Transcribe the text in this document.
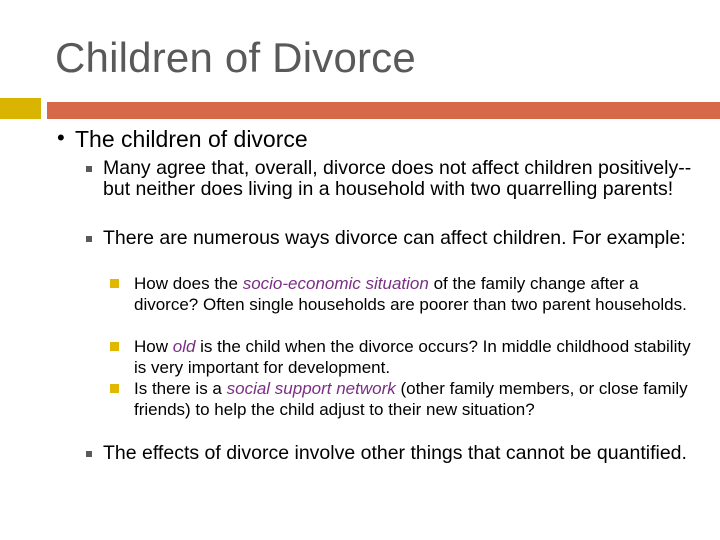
Children of Divorce
• The children of divorce
Many agree that, overall, divorce does not affect children positively-- but neither does living in a household with two quarrelling parents!
There are numerous ways divorce can affect children. For example:
How does the socio-economic situation of the family change after a divorce? Often single households are poorer than two parent households.
How old is the child when the divorce occurs? In middle childhood stability is very important for development.
Is there is a social support network (other family members, or close family friends) to help the child adjust to their new situation?
The effects of divorce involve other things that cannot be quantified.
